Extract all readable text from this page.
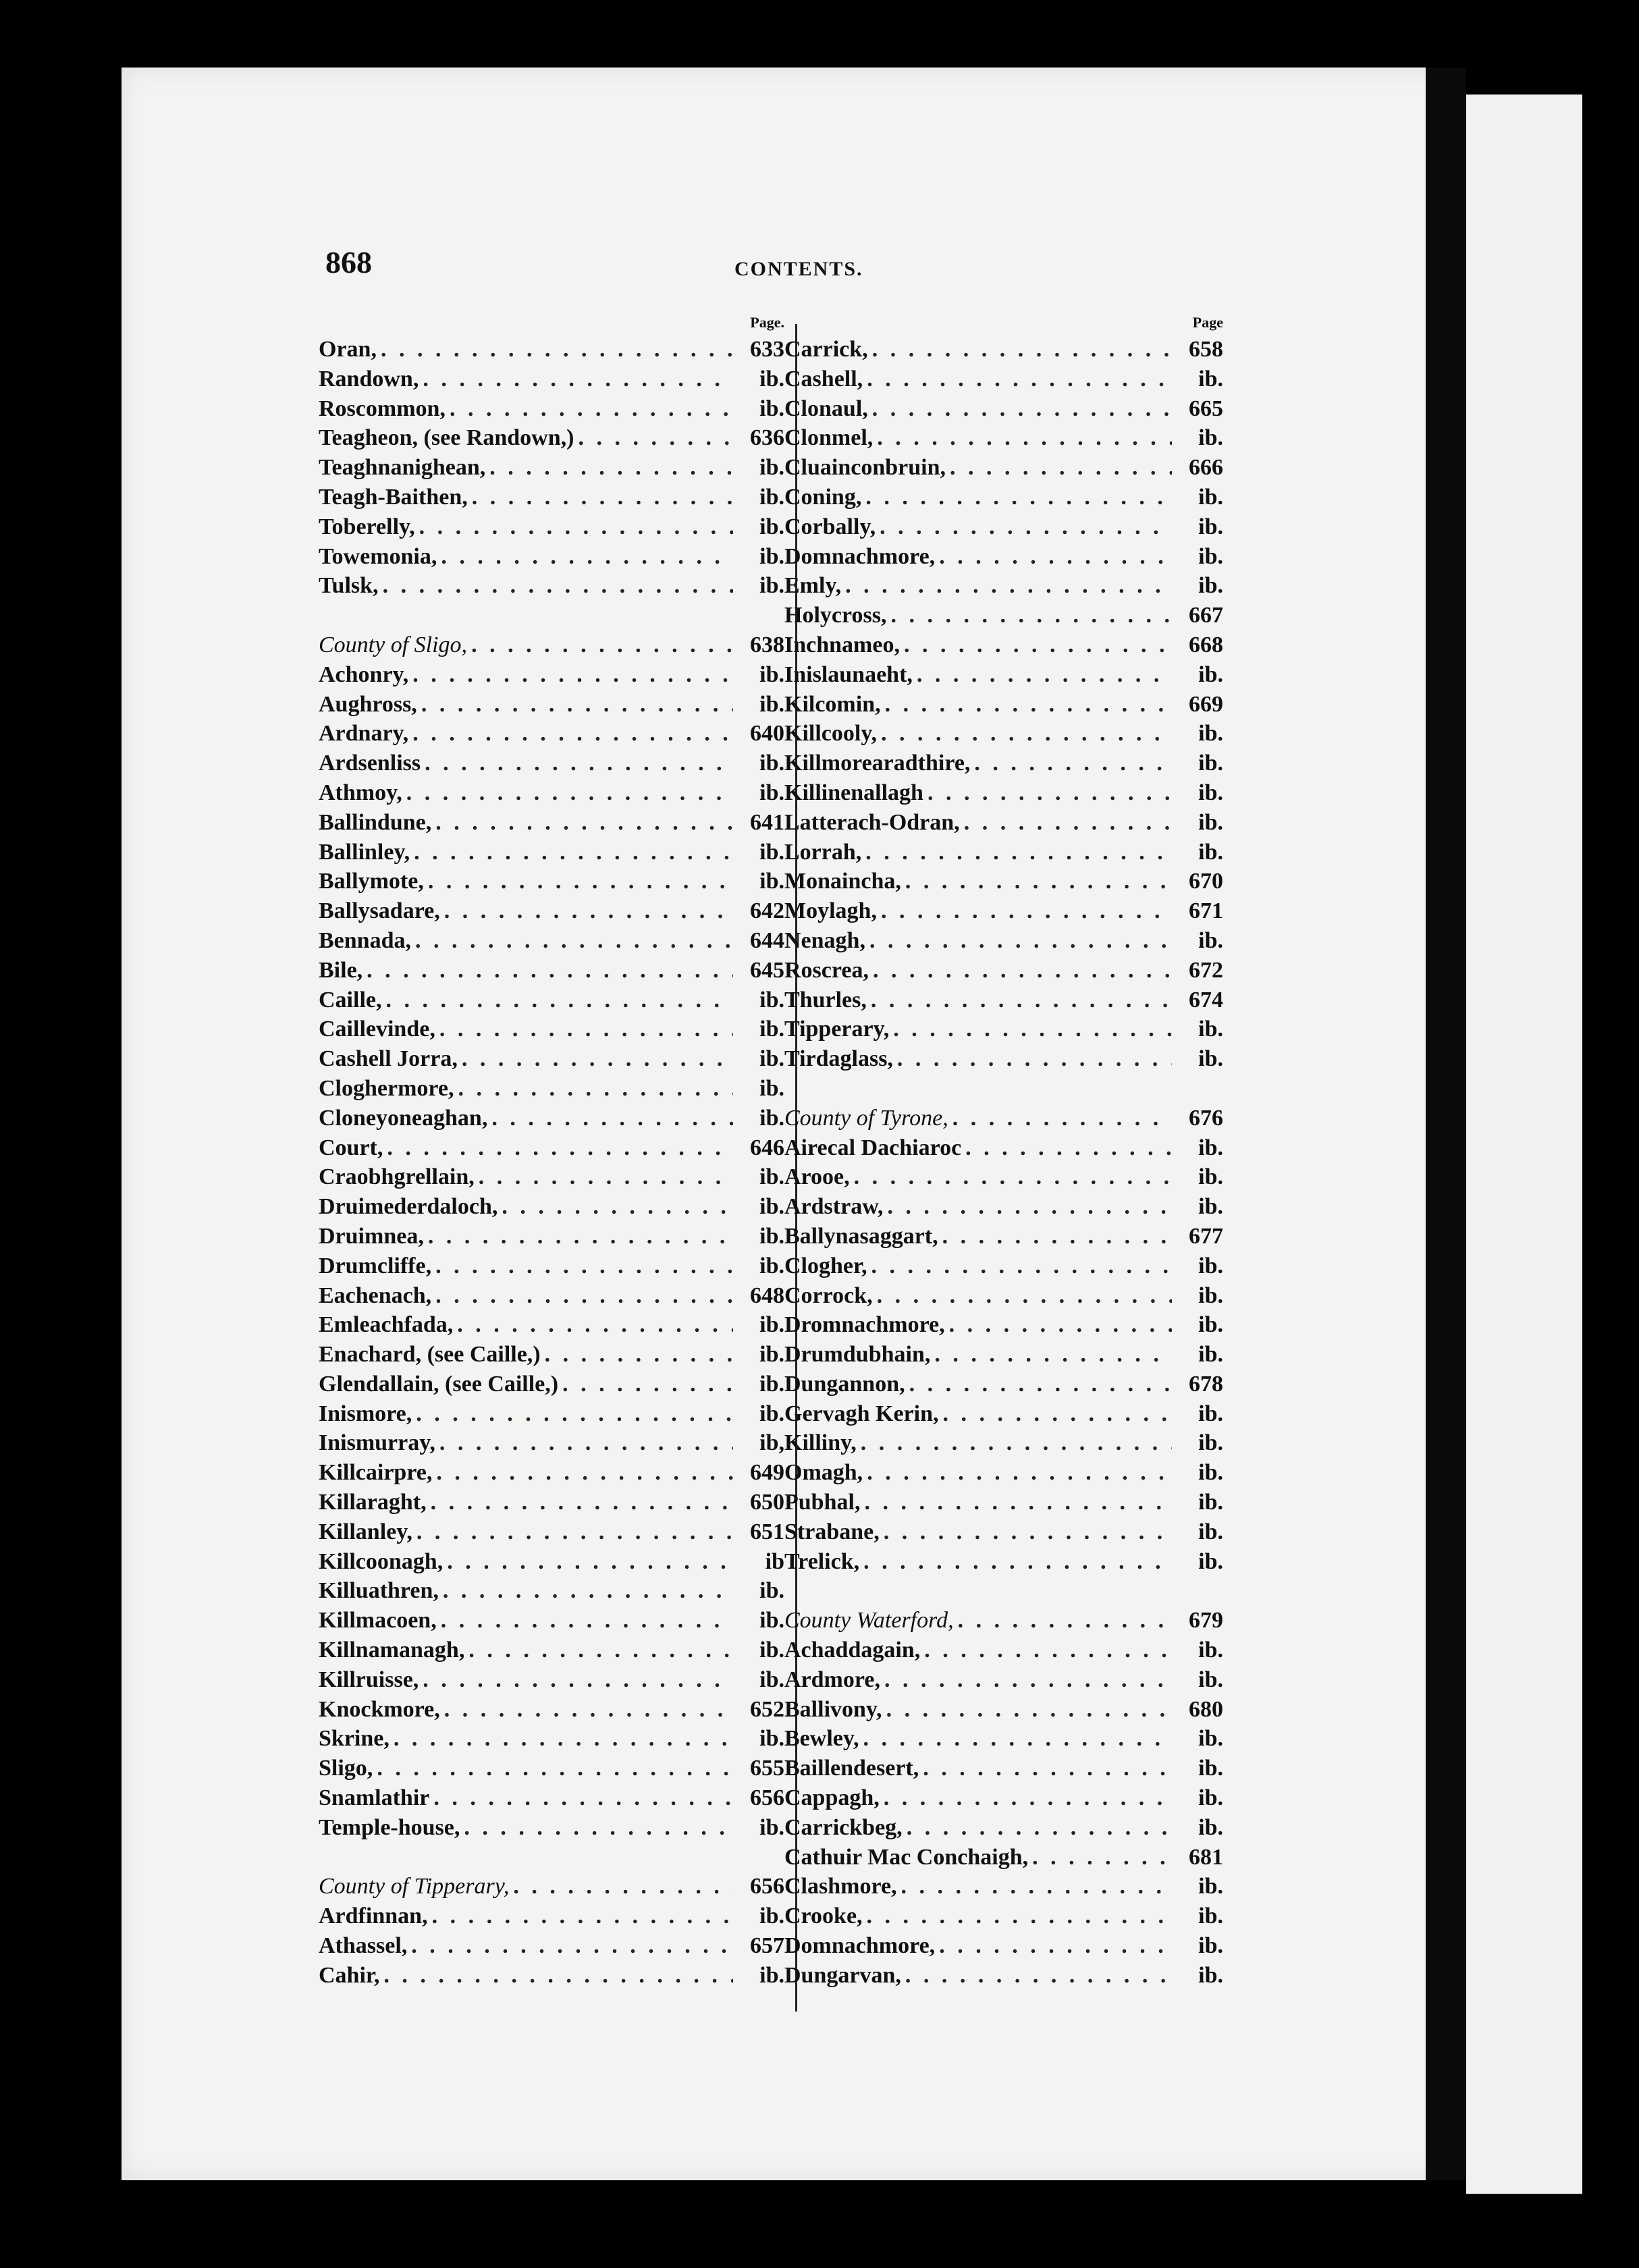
868	CONTENTS.
Page.
Oran, . . .	633
Randown, . . .	ib.
Roscommon, . . .	ib.
Teagheon, (see Randown,) . . .	636
Teaghnanighean, . . .	ib.
Teagh-Baithen, . . .	ib.
Toberelly, . . .	ib.
Towemonia, . . .	ib.
Tulsk, . . .	ib.
County of Sligo, . . .	638
Achonry, . . .	ib.
Aughross, . . .	ib.
Ardnary, . . .	640
Ardsenliss . . .	ib.
Athmoy, . . .	ib.
Ballindune, . . .	641
Ballinley, . . .	ib.
Ballymote, . . .	ib.
Ballysadare, . . .	642
Bennada, . . .	644
Bile, . . .	645
Caille, . . .	ib.
Caillevinde, . . .	ib.
Cashell Jorra, . . .	ib.
Cloghermore, . . .	ib.
Cloneyoneaghan, . . .	ib.
Court, . . .	646
Craobhgrellain, . . .	ib.
Druimederdaloch, . . .	ib.
Druimnea, . . .	ib.
Drumcliffe, . . .	ib.
Eachenach, . . .	648
Emleachfada, . . .	ib.
Enachard, (see Caille,) . . .	ib.
Glendallain, (see Caille,) . . .	ib.
Inismore, . . .	ib.
Inismurray, . . .	ib,
Killcairpre, . . .	649
Killaraght, . . .	650
Killanley, . . .	651
Killcoonagh, . . .	ib
Killuathren, . . .	ib.
Killmacoen, . . .	ib.
Killnamanagh, . . .	ib.
Killruisse, . . .	ib.
Knockmore, . . .	652
Skrine, . . .	ib.
Sligo, . . .	655
Snamlathir . . .	656
Temple-house, . . .	ib.
County of Tipperary, . . .	656
Ardfinnan, . . .	ib.
Athassel, . . .	657
Cahir, . . .	ib.
Page
Carrick, . . .	658
Cashell, . . .	ib.
Clonaul, . . .	665
Clonmel, . . .	ib.
Cluainconbruin, . . .	666
Coning, . . .	ib.
Corbally, . . .	ib.
Domnachmore, . . .	ib.
Emly, . . .	ib.
Holycross, . . .	667
Inchnameo, . . .	668
Inislaunaeht, . . .	ib.
Kilcomin, . . .	669
Killcooly, . . .	ib.
Killmorearadthire, . . .	ib.
Killinenallagh . . .	ib.
Latterach-Odran, . . .	ib.
Lorrah, . . .	ib.
Monaincha, . . .	670
Moylagh, . . .	671
Nenagh, . . .	ib.
Roscrea, . . .	672
Thurles, . . .	674
Tipperary, . . .	ib.
Tirdaglass, . . .	ib.
County of Tyrone, . . .	676
Airecal Dachiaroc . . .	ib.
Arooe, . . .	ib.
Ardstraw, . . .	ib.
Ballynasaggart, . . .	677
Clogher, . . .	ib.
Corrock, . . .	ib.
Dromnachmore, . . .	ib.
Drumdubhain, . . .	ib.
Dungannon, . . .	678
Gervagh Kerin, . . .	ib.
Killiny, . . .	ib.
Omagh, . . .	ib.
Pubhal, . . .	ib.
Strabane, . . .	ib.
Trelick, . . .	ib.
County Waterford, . . .	679
Achaddagain, . . .	ib.
Ardmore, . . .	ib.
Ballivony, . . .	680
Bewley, . . .	ib.
Baillendesert, . . .	ib.
Cappagh, . . .	ib.
Carrickbeg, . . .	ib.
Cathuir Mac Conchaigh, . . .	681
Clashmore, . . .	ib.
Crooke, . . .	ib.
Domnachmore, . . .	ib.
Dungarvan, . . .	ib.
